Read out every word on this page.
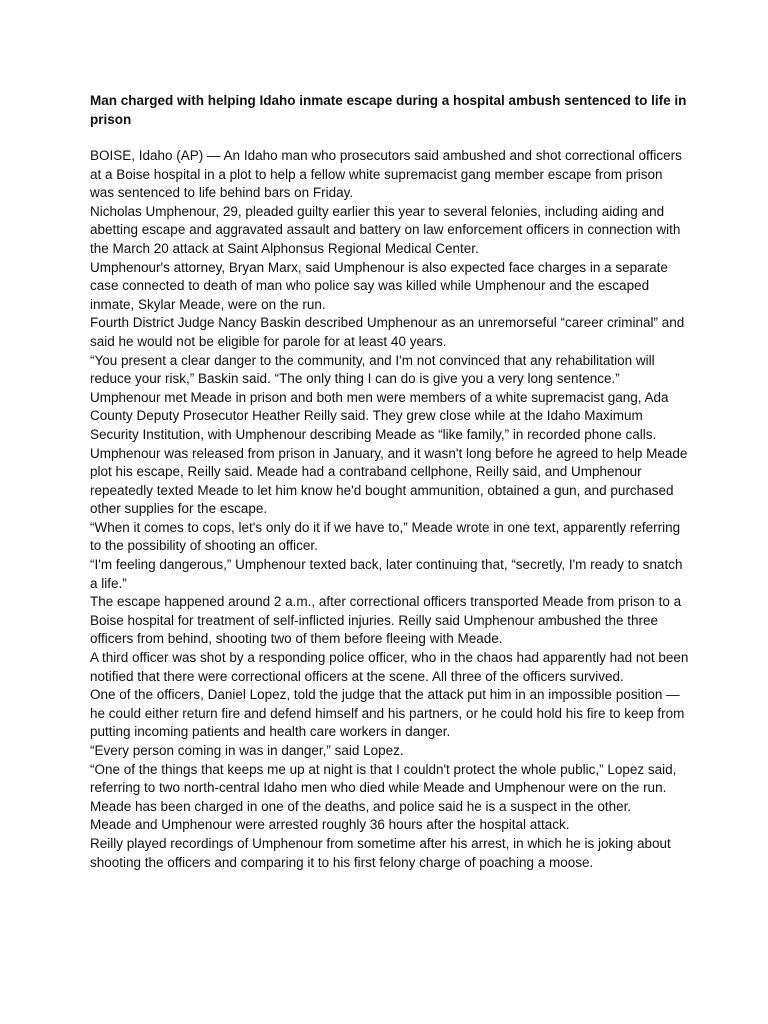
Man charged with helping Idaho inmate escape during a hospital ambush sentenced to life in prison

BOISE, Idaho (AP) — An Idaho man who prosecutors said ambushed and shot correctional officers at a Boise hospital in a plot to help a fellow white supremacist gang member escape from prison was sentenced to life behind bars on Friday.

Nicholas Umphenour, 29, pleaded guilty earlier this year to several felonies, including aiding and abetting escape and aggravated assault and battery on law enforcement officers in connection with the March 20 attack at Saint Alphonsus Regional Medical Center.

Umphenour's attorney, Bryan Marx, said Umphenour is also expected face charges in a separate case connected to death of man who police say was killed while Umphenour and the escaped inmate, Skylar Meade, were on the run.

Fourth District Judge Nancy Baskin described Umphenour as an unremorseful “career criminal” and said he would not be eligible for parole for at least 40 years.

“You present a clear danger to the community, and I'm not convinced that any rehabilitation will reduce your risk,” Baskin said. “The only thing I can do is give you a very long sentence.”

Umphenour met Meade in prison and both men were members of a white supremacist gang, Ada County Deputy Prosecutor Heather Reilly said. They grew close while at the Idaho Maximum Security Institution, with Umphenour describing Meade as “like family,” in recorded phone calls.

Umphenour was released from prison in January, and it wasn't long before he agreed to help Meade plot his escape, Reilly said. Meade had a contraband cellphone, Reilly said, and Umphenour repeatedly texted Meade to let him know he'd bought ammunition, obtained a gun, and purchased other supplies for the escape.

“When it comes to cops, let's only do it if we have to,” Meade wrote in one text, apparently referring to the possibility of shooting an officer.

“I'm feeling dangerous,” Umphenour texted back, later continuing that, “secretly, I'm ready to snatch a life.”

The escape happened around 2 a.m., after correctional officers transported Meade from prison to a Boise hospital for treatment of self-inflicted injuries. Reilly said Umphenour ambushed the three officers from behind, shooting two of them before fleeing with Meade.

A third officer was shot by a responding police officer, who in the chaos had apparently had not been notified that there were correctional officers at the scene. All three of the officers survived.

One of the officers, Daniel Lopez, told the judge that the attack put him in an impossible position — he could either return fire and defend himself and his partners, or he could hold his fire to keep from putting incoming patients and health care workers in danger.

“Every person coming in was in danger,” said Lopez.

“One of the things that keeps me up at night is that I couldn't protect the whole public,” Lopez said, referring to two north-central Idaho men who died while Meade and Umphenour were on the run. Meade has been charged in one of the deaths, and police said he is a suspect in the other.

Meade and Umphenour were arrested roughly 36 hours after the hospital attack.

Reilly played recordings of Umphenour from sometime after his arrest, in which he is joking about shooting the officers and comparing it to his first felony charge of poaching a moose.
